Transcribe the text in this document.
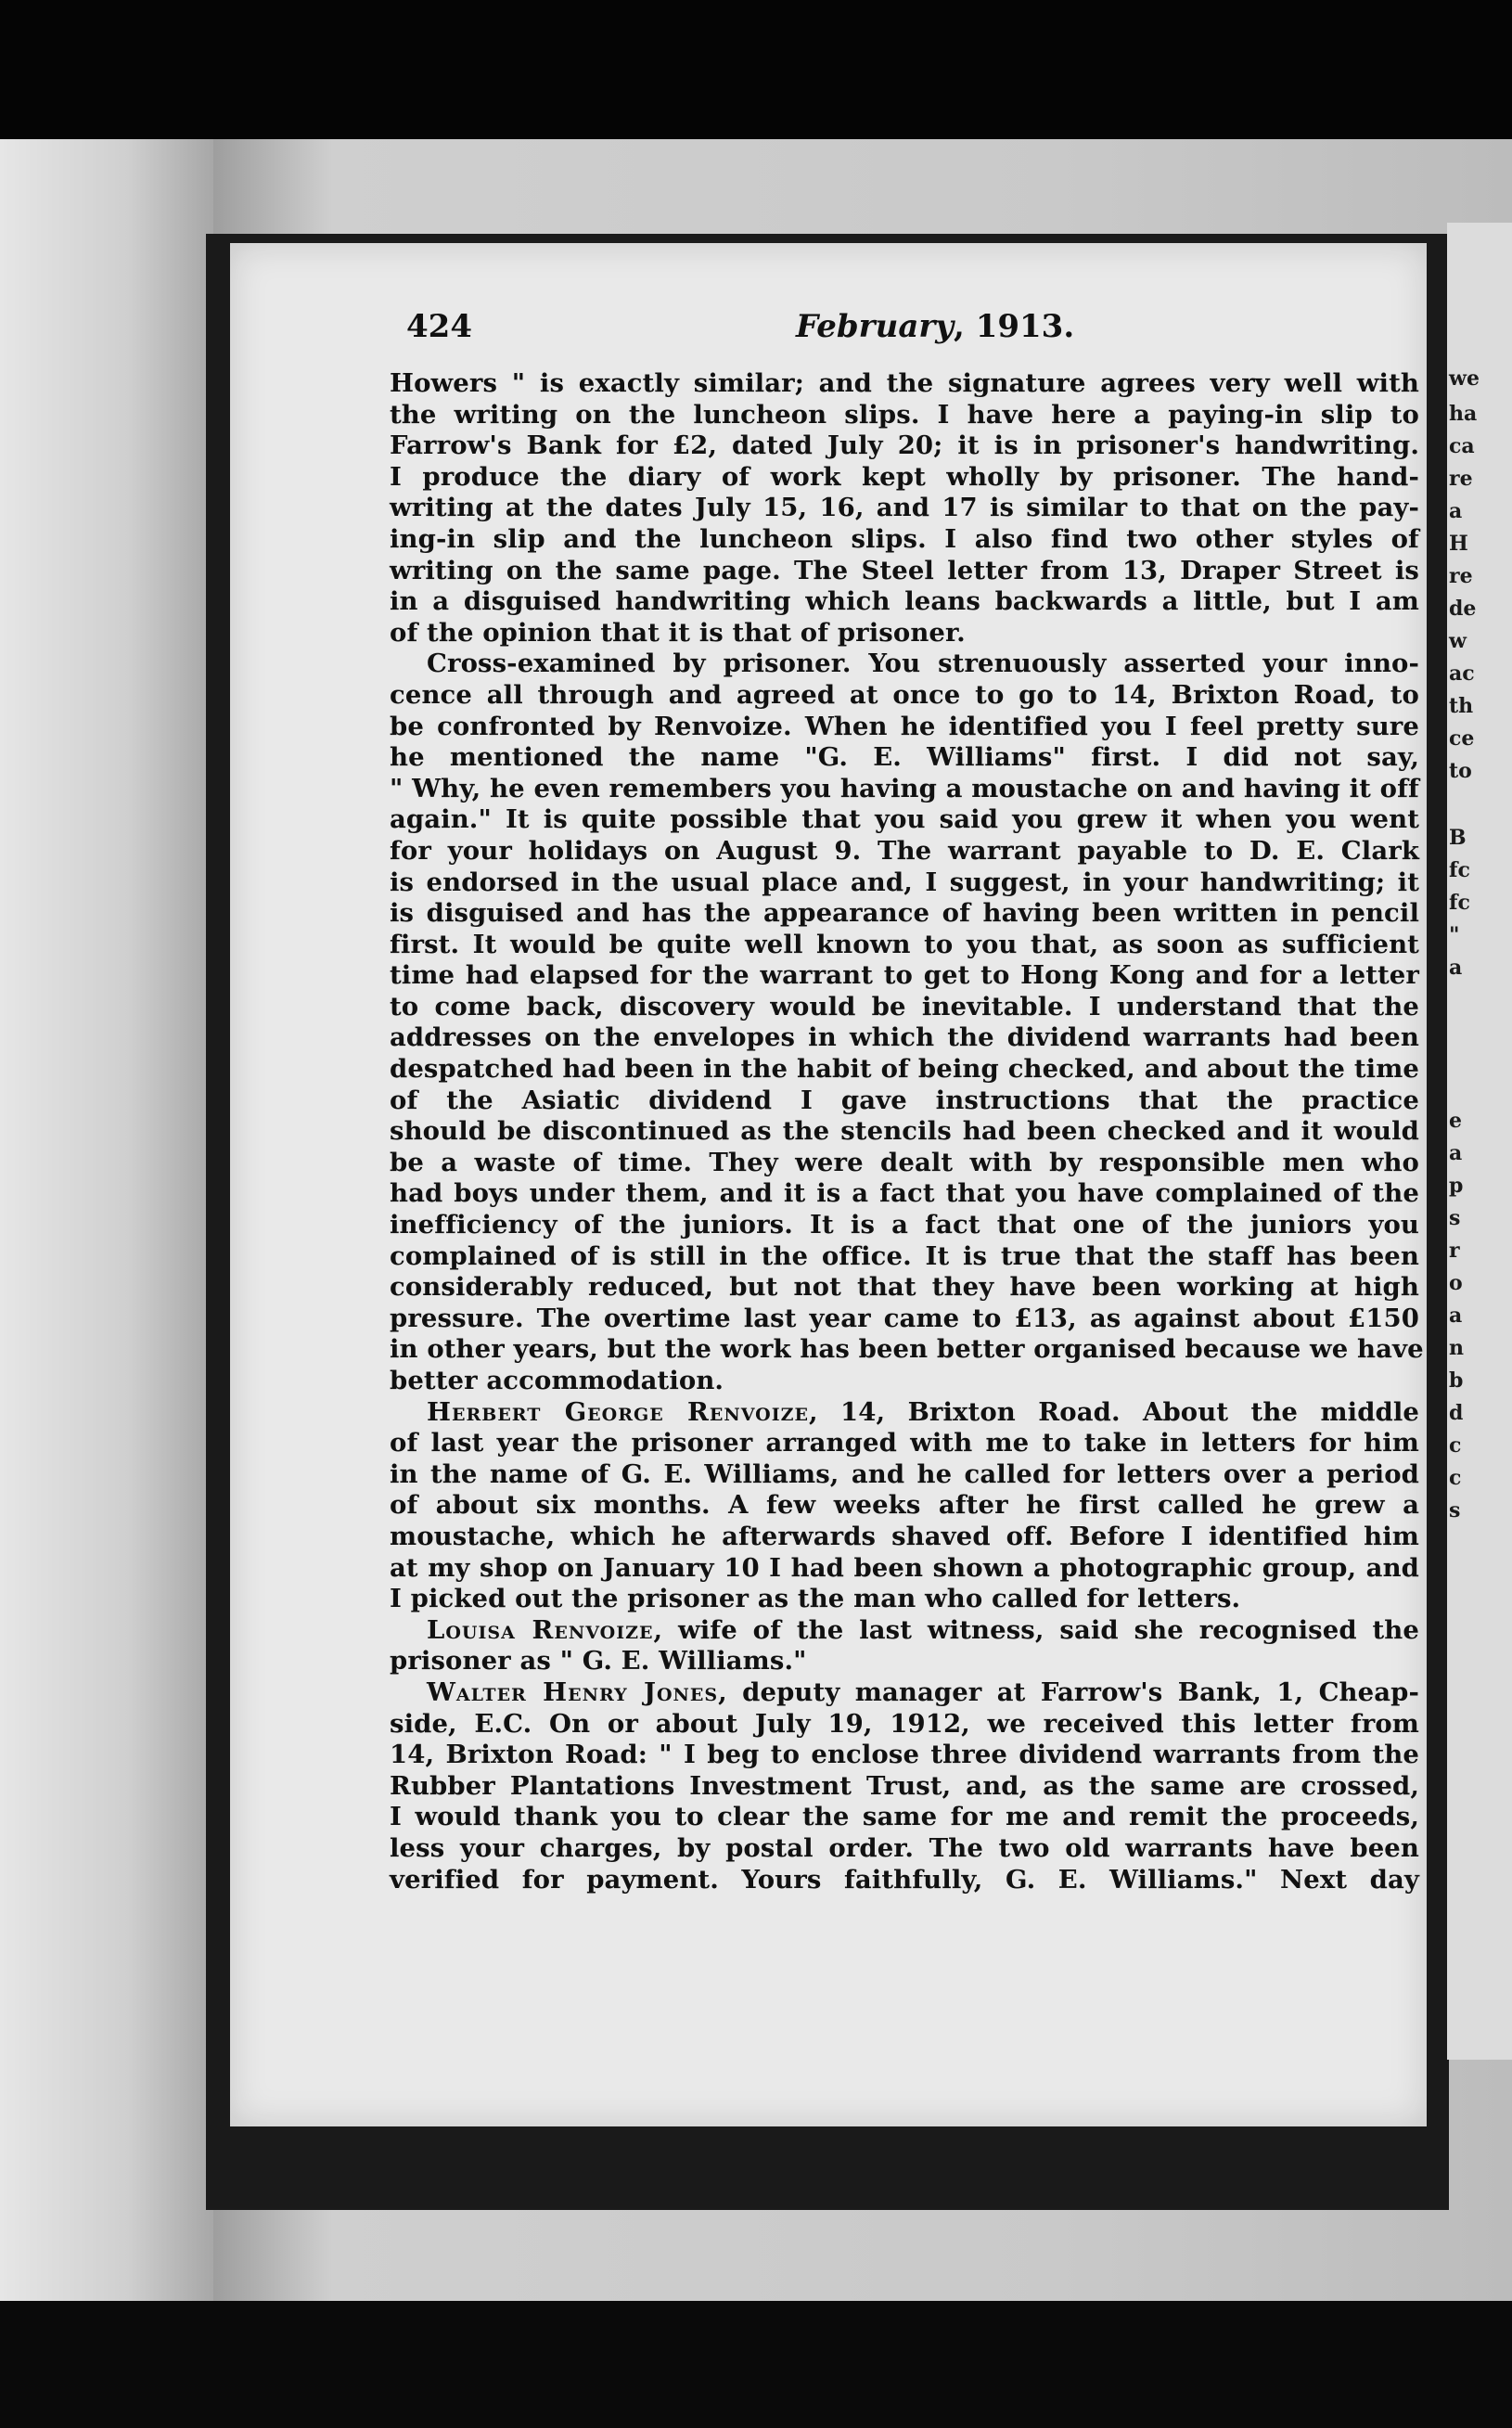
we
ha
ca
re
a
H
re
de
w
ac
th
ce
to
B
fc
fc
"
a
e
a
p
s
r
o
a
n
b
d
c
c
s
424	February, 1913.
Howers " is exactly similar; and the signature agrees very well with
the writing on the luncheon slips. I have here a paying-in slip to
Farrow's Bank for £2, dated July 20; it is in prisoner's handwriting.
I produce the diary of work kept wholly by prisoner. The hand-
writing at the dates July 15, 16, and 17 is similar to that on the pay-
ing-in slip and the luncheon slips. I also find two other styles of
writing on the same page. The Steel letter from 13, Draper Street is
in a disguised handwriting which leans backwards a little, but I am
of the opinion that it is that of prisoner.
Cross-examined by prisoner. You strenuously asserted your inno-
cence all through and agreed at once to go to 14, Brixton Road, to
be confronted by Renvoize. When he identified you I feel pretty sure
he mentioned the name "G. E. Williams" first. I did not say,
" Why, he even remembers you having a moustache on and having it off
again." It is quite possible that you said you grew it when you went
for your holidays on August 9. The warrant payable to D. E. Clark
is endorsed in the usual place and, I suggest, in your handwriting; it
is disguised and has the appearance of having been written in pencil
first. It would be quite well known to you that, as soon as sufficient
time had elapsed for the warrant to get to Hong Kong and for a letter
to come back, discovery would be inevitable. I understand that the
addresses on the envelopes in which the dividend warrants had been
despatched had been in the habit of being checked, and about the time
of the Asiatic dividend I gave instructions that the practice
should be discontinued as the stencils had been checked and it would
be a waste of time. They were dealt with by responsible men who
had boys under them, and it is a fact that you have complained of the
inefficiency of the juniors. It is a fact that one of the juniors you
complained of is still in the office. It is true that the staff has been
considerably reduced, but not that they have been working at high
pressure. The overtime last year came to £13, as against about £150
in other years, but the work has been better organised because we have
better accommodation.
Herbert George Renvoize, 14, Brixton Road. About the middle
of last year the prisoner arranged with me to take in letters for him
in the name of G. E. Williams, and he called for letters over a period
of about six months. A few weeks after he first called he grew a
moustache, which he afterwards shaved off. Before I identified him
at my shop on January 10 I had been shown a photographic group, and
I picked out the prisoner as the man who called for letters.
Louisa Renvoize, wife of the last witness, said she recognised the
prisoner as " G. E. Williams."
Walter Henry Jones, deputy manager at Farrow's Bank, 1, Cheap-
side, E.C. On or about July 19, 1912, we received this letter from
14, Brixton Road: " I beg to enclose three dividend warrants from the
Rubber Plantations Investment Trust, and, as the same are crossed,
I would thank you to clear the same for me and remit the proceeds,
less your charges, by postal order. The two old warrants have been
verified for payment. Yours faithfully, G. E. Williams." Next day
